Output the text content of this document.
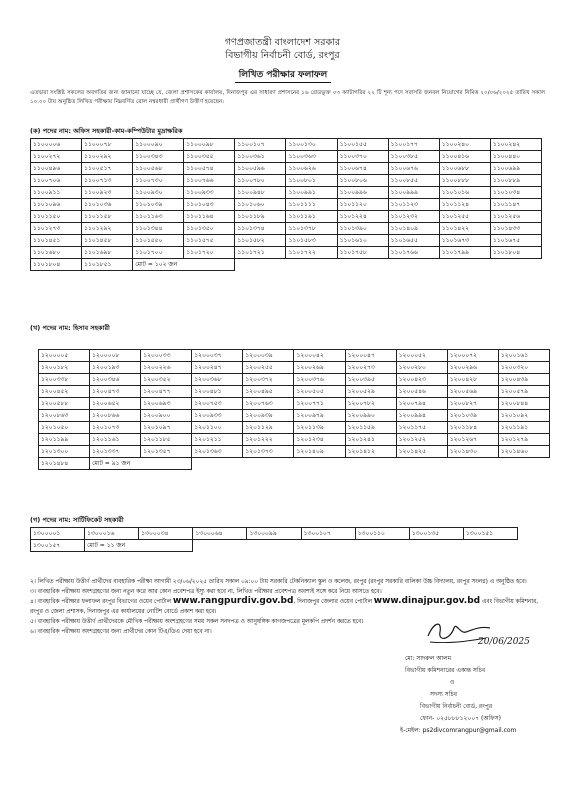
গণপ্রজাতন্ত্রী বাংলাদেশ সরকার
বিভাগীয় নির্বাচনী বোর্ড, রংপুর
লিখিত পরীক্ষার ফলাফল
এতদ্বারা সংশ্লিষ্ট সকলের অবগতির জন্য জানানো যাচ্ছে যে, জেলা প্রশাসকের কার্যালয়, দিনাজপুর এর সাধারণ প্রশাসনের ১৬ গ্রেডভুক্ত ০৩ ক্যাটাগরির ২২ টি শূন্য পদে সরাসরি জনবল নিয়োগের নিমিত্ত ২০/০৬/২০২৫ তারিখ সকাল ১০.০০ টায় অনুষ্ঠিত লিখিত পরীক্ষায় নিম্নবর্ণিত রোল নম্বরধারী প্রার্থীগণ উত্তীর্ণ হয়েছেন:
(ক) পদের নাম: অফিস সহকারী-কাম-কম্পিউটার মুদ্রাক্ষরিক
১১০০০০৬	১১০০০৭৮	১১০০০৯০	১১০০০৯৮	১১০০১০৭	১১০০১৩০	১১০০১৫৫	১১০০১৭৭	১১০০২৪০	১১০০২৪২
১১০০২৭২	১১০০২৯২	১১০০৩৪৩	১১০০৩৫৫	১১০০৩৬১	১১০০৩৬৩	১১০০৩৭০	১১০০৩৮৫	১১০০৪১৬	১১০০৪৪০
১১০০৪৯৬	১১০০৫১৭	১১০০৫৬৮	১১০০৫৭৪	১১০০৫৯৬	১১০০৬২৬	১১০০৬৭৪	১১০০৬৭৬	১১০০৬৮৮	১১০০৬৯৯
১১০০৭০৬	১১০০৭১৩	১১০০৭৩০	১১০০৭৬৬	১১০০৭৮০	১১০০৮০১	১১০০৮০৬	১১০০৮৫৫	১১০০৮৮৮	১১০০৮৮৯
১১০০৯১১	১১০০৯২৩	১১০০৯৩০	১১০০৯৩৩	১১০০৯৪৮	১১০০৯৯১	১১০০৯৯৬	১১০০৯৯৯	১১০১০১৬	১১০১০৩৪
১১০১০৯৬	১১০১০৩৬	১১০১০৩৯	১১০১০৪৩	১১০১০৬০	১১০১১১১	১১০১১২০	১১০১১২৩	১১০১১২৪	১১০১১৪৭
১১০১১৫০	১১০১১৫৮	১১০১১৬৩	১১০১১৬৪	১১০১১৮৯	১১০১১৯১	১১০১২২৪	১১০১২৩২	১১০১২৫৫	১১০১২৫৬
১১০১২৭৩	১১০১২৯২	১১০১৩৪৪	১১০১৩৫০	১১০১৩৭৪	১১০১৩৭৮	১১০১৩৯০	১১০১৪০৯	১১০১৪২২	১১০১৪৩৩
১১০১৪৫১	১১০১৪৫৮	১১০১৫৫০	১১০১৫৭৫	১১০১৫৮২	১১০১৫৮৩	১১০১৬১০	১১০১৬৫৫	১১০১৬৭৩	১১০১৬৭৫
১১০১৬৮০	১১০১৬৯৮	১১০১৭০০	১১০১৭২০	১১০১৭২১	১১০১৭২২	১১০১৭৫৮	১১০১৭৬৬	১১০১৭৯৯	১১০১৮০৪
১১০১৮০৪	১১০১৮৫১	মোট = ১০২ জন							
(খ) পদের নাম: হিসাব সহকারী
১২০০০০৫	১২০০০০৮	১২০০০৩৩	১২০০০৩৭	১২০০০৩৯	১২০০০৪২	১২০০০৪৭	১২০০০৫২	১২০০০৭২	১২০০১৬১
১২০০১৮২	১২০০১৯৩	১২০০২২৬	১২০০২৪৭	১২০০২৫৫	১২০০২৬৯	১২০০২৭৩	১২০০২৮০	১২০০২৯৬	১২০০৩২০
১২০০৩৩৮	১২০০৩৪৬	১২০০৩৫২	১২০০৩৬৮	১২০০৩৭২	১২০০৩৭৬	১২০০৩৯৫	১২০০৪২৩	১২০০৪২৮	১২০০৪৩৯
১২০০৪৫২	১২০০৪৭৩	১২০০৪৭৭	১২০০৪৮১	১২০০৪৯৫	১২০০৫০৫	১২০০৫২৯	১২০০৫৪৬	১২০০৫৬৯	১২০০৫৭৯
১২০০৫৮৮	১২০০৬৫২	১২০০৬৯৩	১২০০৭৫৩	১২০০৭৬৩	১২০০৭৭১	১২০০৭৮২	১২০০৭৯৪	১২০০৮২৭	১২০০৮৪৪
১২০০৮৬৩	১২০০৮৬৬	১২০০৯০০	১২০০৯৩৩	১২০০৯৩৯	১২০০৯৭৯	১২০০৯৯০	১২০০৯৯৪	১২০১০৩৯	১২০১০৯২
১২০১০৫০	১২০১০৭৩	১২০১০৯৭	১২০১১০০	১২০১১২৯	১২০১১৩৯	১২০১১৫৯	১২০১১৭৫	১২০১১৮৪	১২০১১৯১
১২০১১৯৯	১২০১১৬১	১২০১১৮৫	১২০১২১১	১২০১২২২	১২০১২৩৪	১২০১২৪১	১২০১২৫২	১২০১২৬৭	১২০১২৭৯
১২০১৩০০	১২০১৩৩৭	১২০১৩৫৭	১২০১৩৬৩	১২০১৩৭৩	১২০১৪০৯	১২০১৪১২	১২০১৪২৫	১২০১৪৩০	১২০১৪৬০
১২০১৪৮৪	মোট = ৯১ জন								
(গ) পদের নাম: সার্টিফিকেট সহকারী
১৩০০০০১	১৩০০০১৬	১৩০০০৩৪	১৩০০০৬৪	১৩০০০৯৯	১৩০০১০৭	১৩০০১১০	১৩০০১৩৫	১৩০০১৫১
১৩০০১৫৭	মোট = ১১ জন							
২। লিখিত পরীক্ষায় উত্তীর্ণ প্রার্থীদের ব্যবহারিক পরীক্ষা আগামী ২৩/০৬/২০২৫ তারিখ সকাল ০৯:০০ টায় সরকারি টেকনিক্যাল স্কুল ও কলেজ, রংপুর (রংপুর সরকারি বালিকা উচ্চ বিদ্যালয়, রংপুর সংলগ্ন) এ অনুষ্ঠিত হবে।
৩। ব্যবহারিক পরীক্ষায় অংশগ্রহণের জন্য নতুন করে আর কোন প্রবেশপত্র ইস্যু করা হবে না, লিখিত পরীক্ষার প্রবেশপত্র অবশ্যই সঙ্গে করে নিয়ে আসতে হবে।
৪। ব্যবহারিক পরীক্ষার ফলাফল রংপুর বিভাগের ওয়েব পোর্টাল www.rangpurdiv.gov.bd, দিনাজপুর জেলার ওয়েব পোর্টাল www.dinajpur.gov.bd এবং বিভাগীয় কমিশনার, রংপুর ও জেলা প্রশাসক, দিনাজপুর এর কার্যালয়ের নোটিশ বোর্ডে প্রকাশ করা হবে।
৫। ব্যবহারিক পরীক্ষায় উত্তীর্ণ প্রার্থীদেরকে মৌখিক পরীক্ষায় অংশগ্রহণের সময় সকল সনদপত্র ও আনুষঙ্গিক কাগজপত্রের মূলকপি প্রদর্শন করতে হবে।
৬। ব্যবহারিক পরীক্ষায় অংশগ্রহণের জন্য প্রার্থীদের কোন টিএ/ডিএ দেয়া হবে না।
20/06/2025
মো: সাদরুল আলম
বিভাগীয় কমিশনারের একান্ত সচিব
ও
সদস্য সচিব
বিভাগীয় নির্বাচনী বোর্ড, রংপুর
ফোন- ০২৫৮৮৮১২০০৭ (অফিস)
ই-মেইল: ps2divcomrangpur@gmail.com
